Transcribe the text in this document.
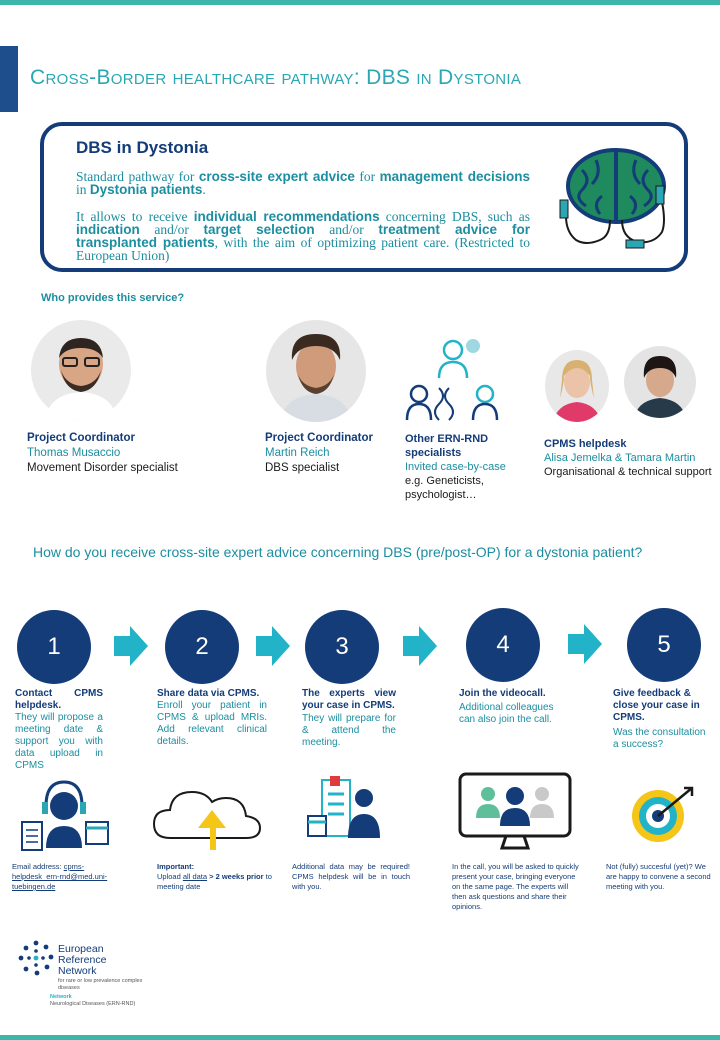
Cross-Border healthcare pathway: DBS in Dystonia
DBS in Dystonia
Standard pathway for cross-site expert advice for management decisions in Dystonia patients.
It allows to receive individual recommendations concerning DBS, such as indication and/or target selection and/or treatment advice for transplanted patients, with the aim of optimizing patient care. (Restricted to European Union)
Who provides this service?
Project Coordinator
Thomas Musaccio
Movement Disorder specialist
Project Coordinator
Martin Reich
DBS specialist
Other ERN-RND specialists
Invited case-by-case
e.g. Geneticists, psychologist…
CPMS helpdesk
Alisa Jemelka & Tamara Martin
Organisational & technical support
How do you receive cross-site expert advice concerning DBS (pre/post-OP) for a dystonia patient?
1	2	3	4	5
Contact CPMS helpdesk.
They will propose a meeting date & support you with data upload in CPMS
Share data via CPMS.
Enroll your patient in CPMS & upload MRIs. Add relevant clinical details.
The experts view your case in CPMS.
They will prepare for & attend the meeting.
Join the videocall.
Additional colleagues can also join the call.
Give feedback & close your case in CPMS.
Was the consultation a success?
Email address: cpms-helpdesk_ern-rnd@med.uni-tuebingen.de
Important:
Upload all data > 2 weeks prior to meeting date
Additional data may be required! CPMS helpdesk will be in touch with you.
In the call, you will be asked to quickly present your case, bringing everyone on the same page. The experts will then ask questions and share their opinions.
Not (fully) succesful (yet)? We are happy to convene a second meeting with you.
European
Reference
Network
for rare or low prevalence complex diseases
Network
Neurological Diseases (ERN-RND)
